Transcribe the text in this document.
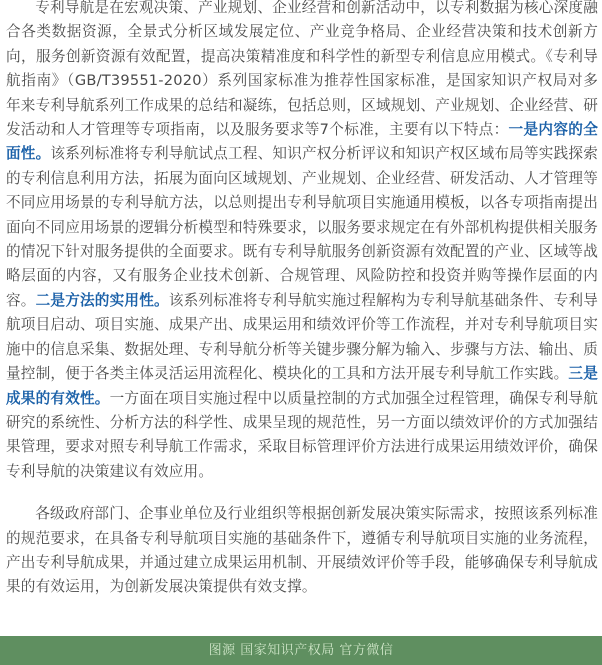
专利导航是在宏观决策、产业规划、企业经营和创新活动中，以专利数据为核心深度融合各类数据资源，全景式分析区域发展定位、产业竞争格局、企业经营决策和技术创新方向，服务创新资源有效配置，提高决策精准度和科学性的新型专利信息应用模式。《专利导航指南》（GB/T39551-2020）系列国家标准为推荐性国家标准，是国家知识产权局对多年来专利导航系列工作成果的总结和凝练，包括总则，区域规划、产业规划、企业经营、研发活动和人才管理等专项指南，以及服务要求等7个标准，主要有以下特点：一是内容的全面性。该系列标准将专利导航试点工程、知识产权分析评议和知识产权区域布局等实践探索的专利信息利用方法，拓展为面向区域规划、产业规划、企业经营、研发活动、人才管理等不同应用场景的专利导航方法，以总则提出专利导航项目实施通用模板，以各专项指南提出面向不同应用场景的逻辑分析模型和特殊要求，以服务要求规定在有外部机构提供相关服务的情况下针对服务提供的全面要求。既有专利导航服务创新资源有效配置的产业、区域等战略层面的内容，又有服务企业技术创新、合规管理、风险防控和投资并购等操作层面的内容。二是方法的实用性。该系列标准将专利导航实施过程解构为专利导航基础条件、专利导航项目启动、项目实施、成果产出、成果运用和绩效评价等工作流程，并对专利导航项目实施中的信息采集、数据处理、专利导航分析等关键步骤分解为输入、步骤与方法、输出、质量控制，便于各类主体灵活运用流程化、模块化的工具和方法开展专利导航工作实践。三是成果的有效性。一方面在项目实施过程中以质量控制的方式加强全过程管理，确保专利导航研究的系统性、分析方法的科学性、成果呈现的规范性，另一方面以绩效评价的方式加强结果管理，要求对照专利导航工作需求，采取目标管理评价方法进行成果运用绩效评价，确保专利导航的决策建议有效应用。

各级政府部门、企事业单位及行业组织等根据创新发展决策实际需求，按照该系列标准的规范要求，在具备专利导航项目实施的基础条件下，遵循专利导航项目实施的业务流程，产出专利导航成果，并通过建立成果运用机制、开展绩效评价等手段，能够确保专利导航成果的有效运用，为创新发展决策提供有效支撑。

图源 国家知识产权局 官方微信
